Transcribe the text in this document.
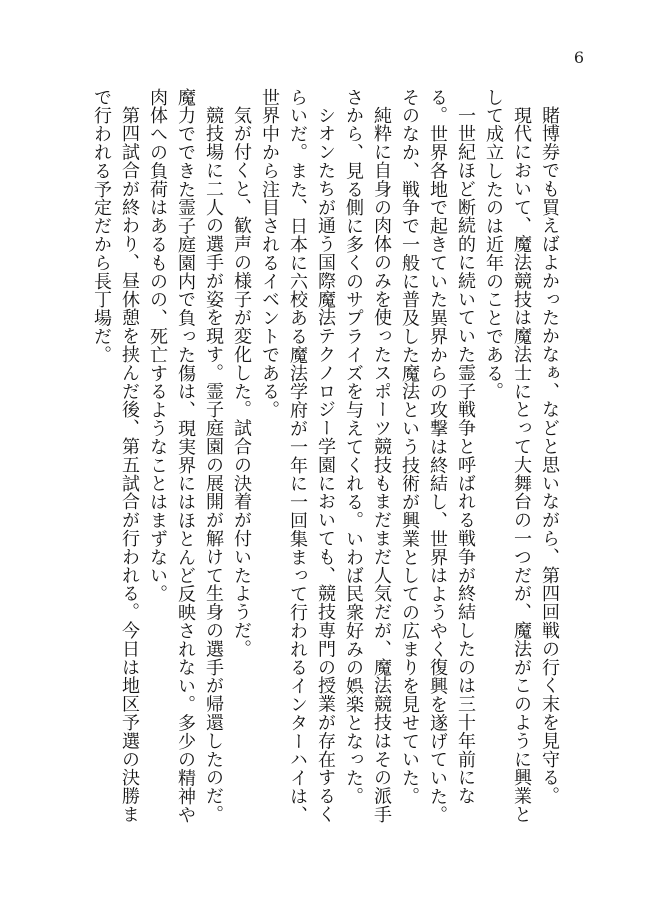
6

賭博券でも買えばよかったかなぁ、などと思いながら、第四回戦の行く末を見守る。

現代において、魔法競技は魔法士にとって大舞台の一つだが、魔法がこのように興業として成立したのは近年のことである。

一世紀ほど断続的に続いていた霊子戦争と呼ばれる戦争が終結したのは三十年前になる。世界各地で起きていた異界からの攻撃は終結し、世界はようやく復興を遂げていた。そのなか、戦争で一般に普及した魔法という技術が興業としての広まりを見せていた。

純粋に自身の肉体のみを使ったスポーツ競技もまだまだ人気だが、魔法競技はその派手さから、見る側に多くのサプライズを与えてくれる。いわば民衆好みの娯楽となった。

シオンたちが通う国際魔法テクノロジー学園においても、競技専門の授業が存在するくらいだ。また、日本に六校ある魔法学府が一年に一回集まって行われるインターハイは、世界中から注目されるイベントである。

気が付くと、歓声の様子が変化した。試合の決着が付いたようだ。

競技場に二人の選手が姿を現す。霊子庭園の展開が解けて生身の選手が帰還したのだ。魔力でできた霊子庭園内で負った傷は、現実界にはほとんど反映されない。多少の精神や肉体への負荷はあるものの、死亡するようなことはまずない。

第四試合が終わり、昼休憩を挟んだ後、第五試合が行われる。今日は地区予選の決勝まで行われる予定だから長丁場だ。
